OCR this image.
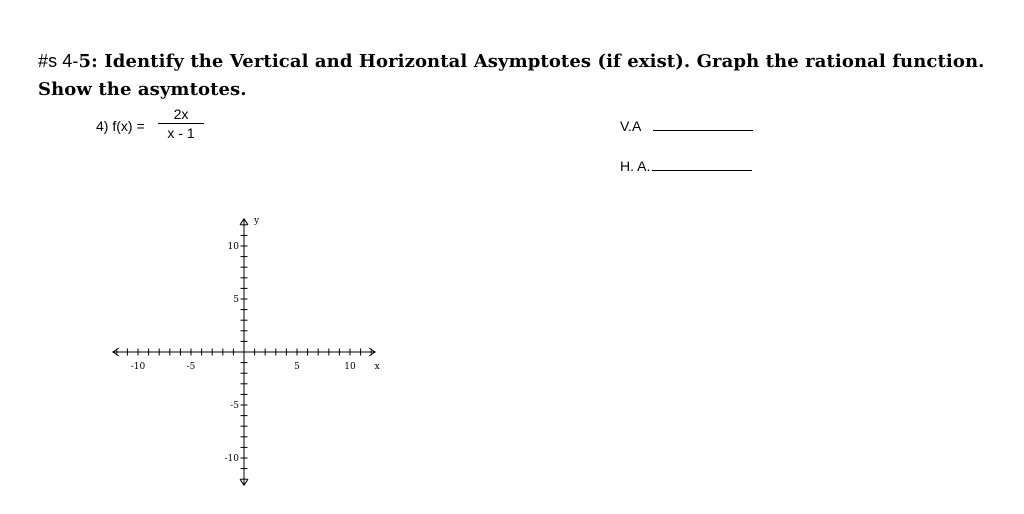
#s 4-5: Identify the Vertical and Horizontal Asymptotes (if exist). Graph the rational function.
Show the asymtotes.
4) f(x) =
2x
x - 1	V.A
H. A.
-10	-5	5	10
10
5
-5
-10
x
y
